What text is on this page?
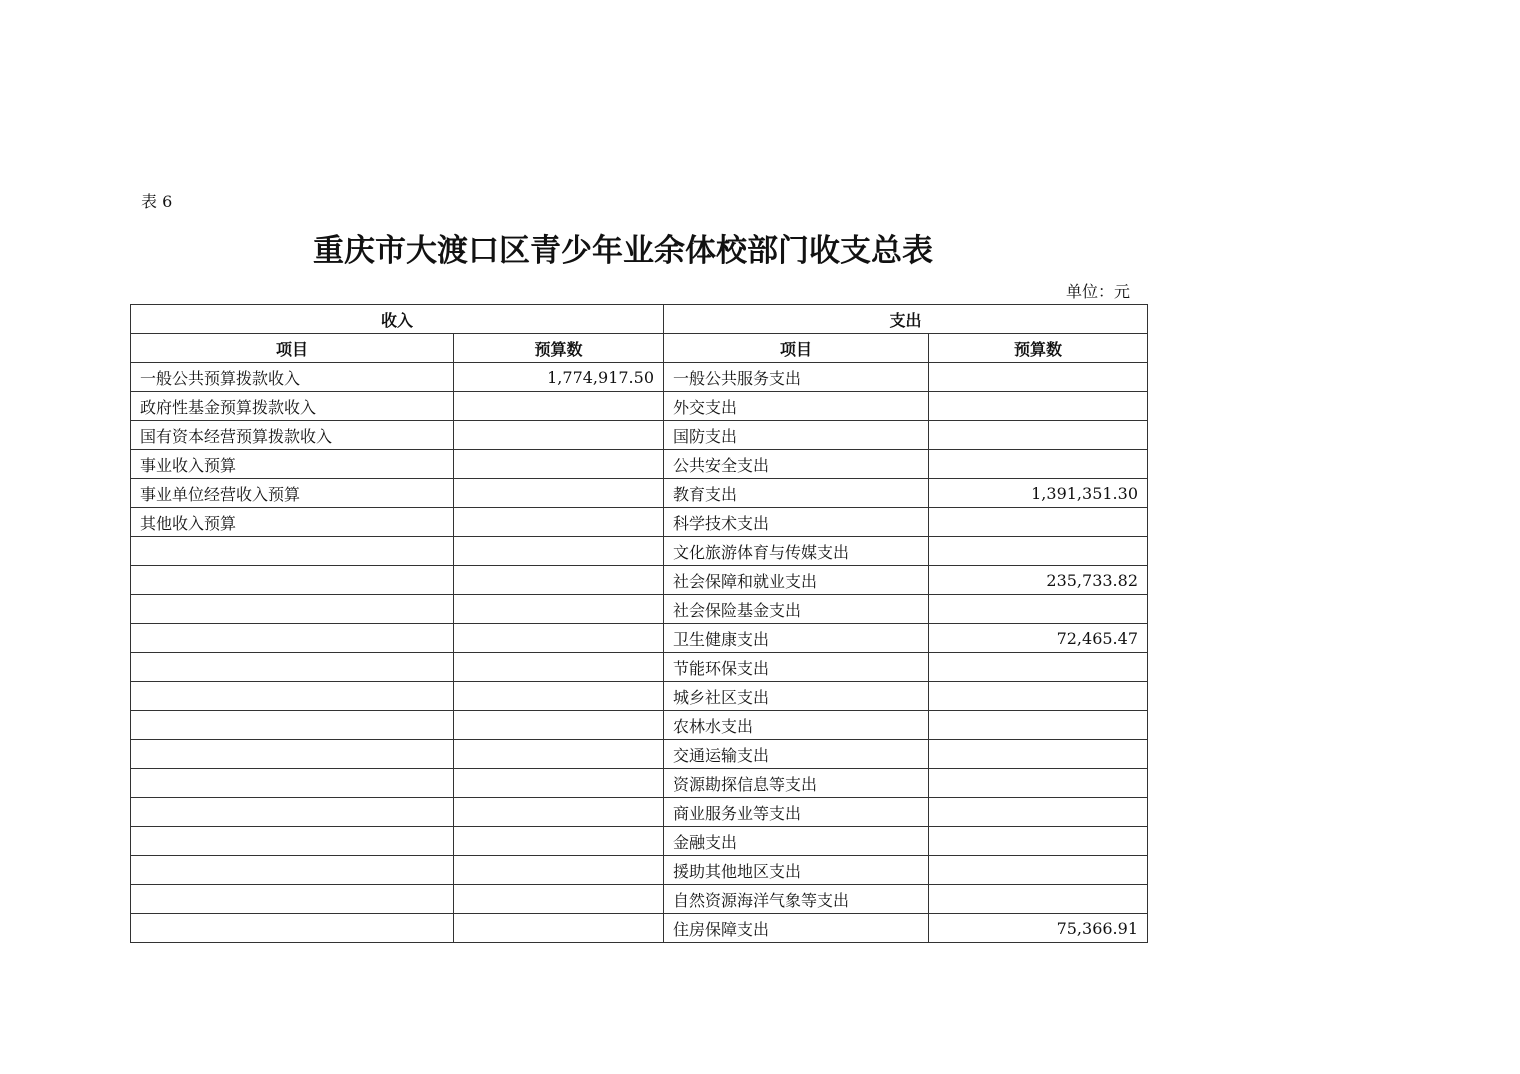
表 6
重庆市大渡口区青少年业余体校部门收支总表
单位：元
收入		支出	
项目	预算数	项目	预算数
一般公共预算拨款收入	1,774,917.50	一般公共服务支出	
政府性基金预算拨款收入		外交支出	
国有资本经营预算拨款收入		国防支出	
事业收入预算		公共安全支出	
事业单位经营收入预算		教育支出	1,391,351.30
其他收入预算		科学技术支出	
		文化旅游体育与传媒支出	
		社会保障和就业支出	235,733.82
		社会保险基金支出	
		卫生健康支出	72,465.47
		节能环保支出	
		城乡社区支出	
		农林水支出	
		交通运输支出	
		资源勘探信息等支出	
		商业服务业等支出	
		金融支出	
		援助其他地区支出	
		自然资源海洋气象等支出	
		住房保障支出	75,366.91
